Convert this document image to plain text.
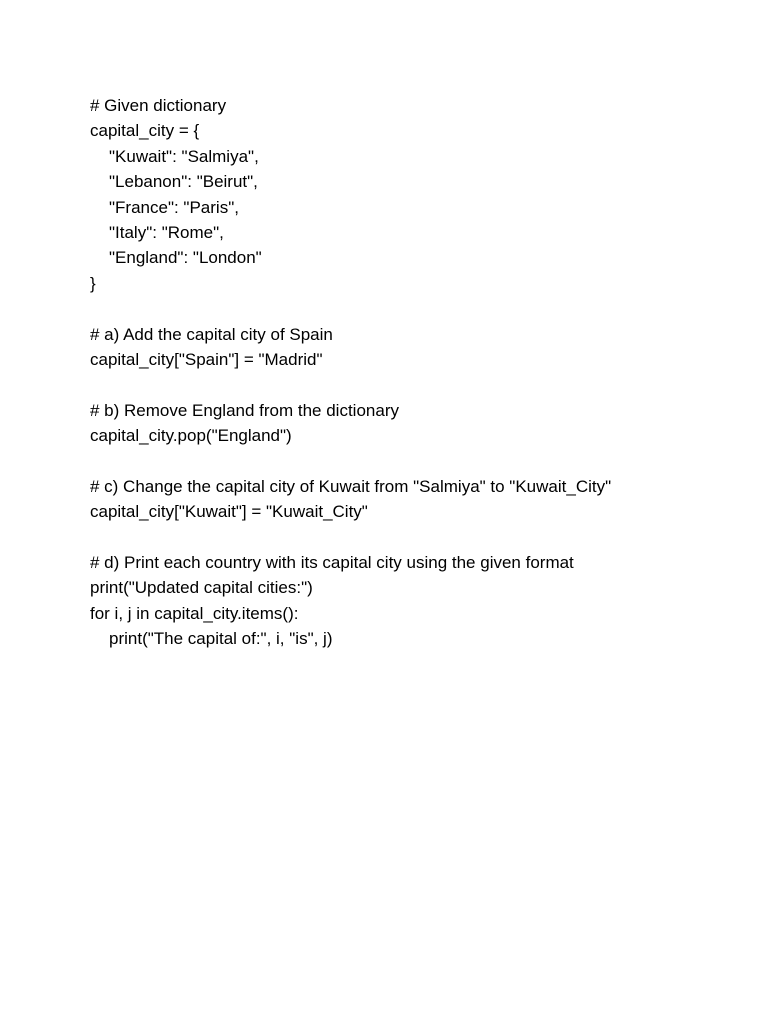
# Given dictionary
capital_city = {
"Kuwait": "Salmiya",
"Lebanon": "Beirut",
"France": "Paris",
"Italy": "Rome",
"England": "London"
}
# a) Add the capital city of Spain
capital_city["Spain"] = "Madrid"
# b) Remove England from the dictionary
capital_city.pop("England")
# c) Change the capital city of Kuwait from "Salmiya" to "Kuwait_City"
capital_city["Kuwait"] = "Kuwait_City"
# d) Print each country with its capital city using the given format
print("Updated capital cities:")
for i, j in capital_city.items():
print("The capital of:", i, "is", j)
